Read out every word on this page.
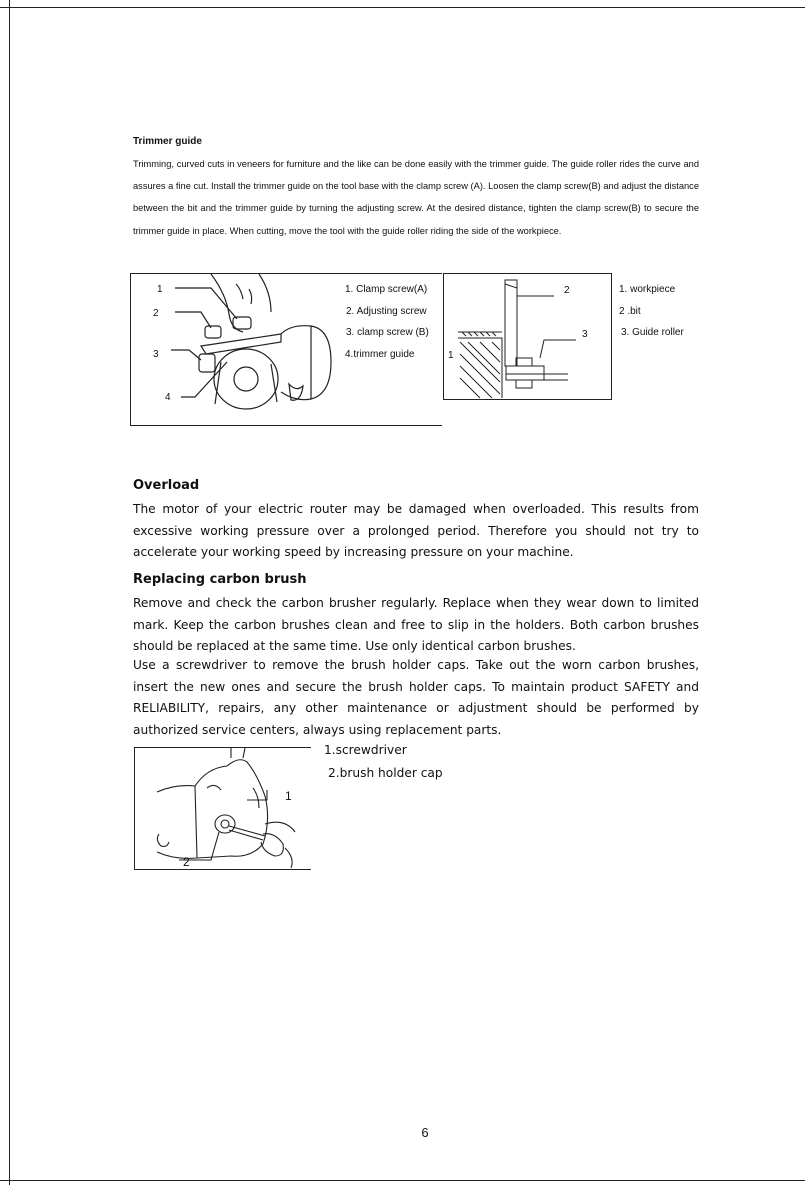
Trimmer guide
Trimming, curved cuts in veneers for furniture and the like can be done easily with the trimmer guide. The guide roller rides the curve and assures a fine cut. Install the trimmer guide on the tool base with the clamp screw (A). Loosen the clamp screw(B) and adjust the distance between the bit and the trimmer guide by turning the adjusting screw. At the desired distance, tighten the clamp screw(B) to secure the trimmer guide in place. When cutting, move the tool with the guide roller riding the side of the workpiece.
1
2
3
4
1. Clamp screw(A)
2. Adjusting screw
3. clamp screw (B)
4.trimmer guide
2
3
1
1. workpiece
2 .bit
3. Guide roller
Overload
The motor of your electric router may be damaged when overloaded. This results from excessive working pressure over a prolonged period. Therefore you should not try to accelerate your working speed by increasing pressure on your machine.
Replacing carbon brush
Remove and check the carbon brusher regularly. Replace when they wear down to limited mark. Keep the carbon brushes clean and free to slip in the holders. Both carbon brushes should be replaced at the same time. Use only identical carbon brushes.
Use a screwdriver to remove the brush holder caps. Take out the worn carbon brushes, insert the new ones and secure the brush holder caps. To maintain product SAFETY and RELIABILITY, repairs, any other maintenance or adjustment should be performed by authorized service centers, always using replacement parts.
1
2
1.screwdriver
2.brush holder cap
6
